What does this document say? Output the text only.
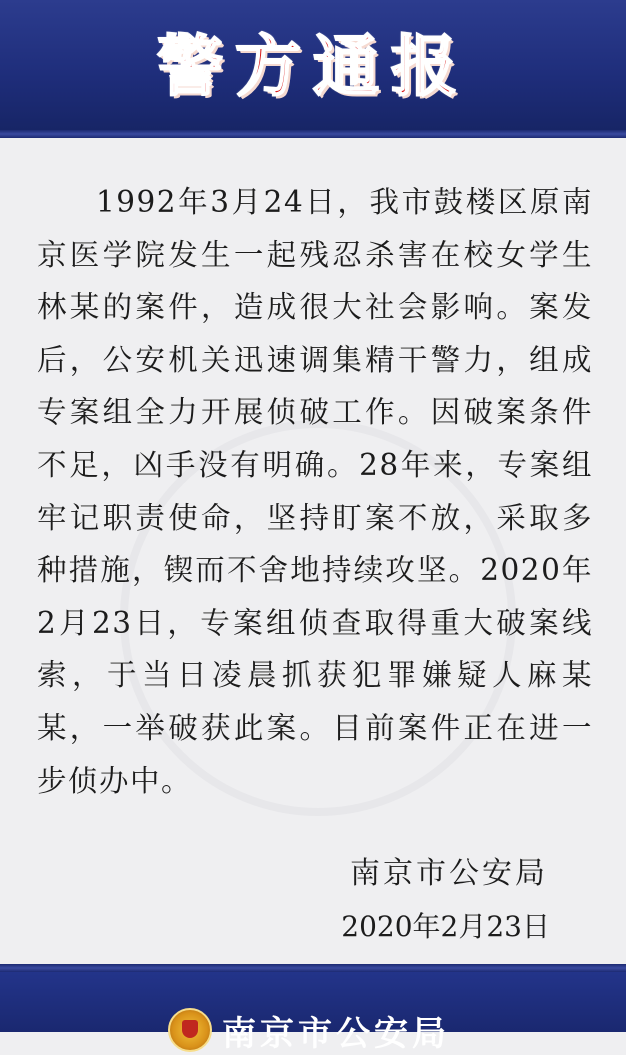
警方通报

1992年3月24日，我市鼓楼区原南京医学院发生一起残忍杀害在校女学生林某的案件，造成很大社会影响。案发后，公安机关迅速调集精干警力，组成专案组全力开展侦破工作。因破案条件不足，凶手没有明确。28年来，专案组牢记职责使命，坚持盯案不放，采取多种措施，锲而不舍地持续攻坚。2020年2月23日，专案组侦查取得重大破案线索，于当日凌晨抓获犯罪嫌疑人麻某某，一举破获此案。目前案件正在进一步侦办中。

南京市公安局
2020年2月23日
南京市公安局
